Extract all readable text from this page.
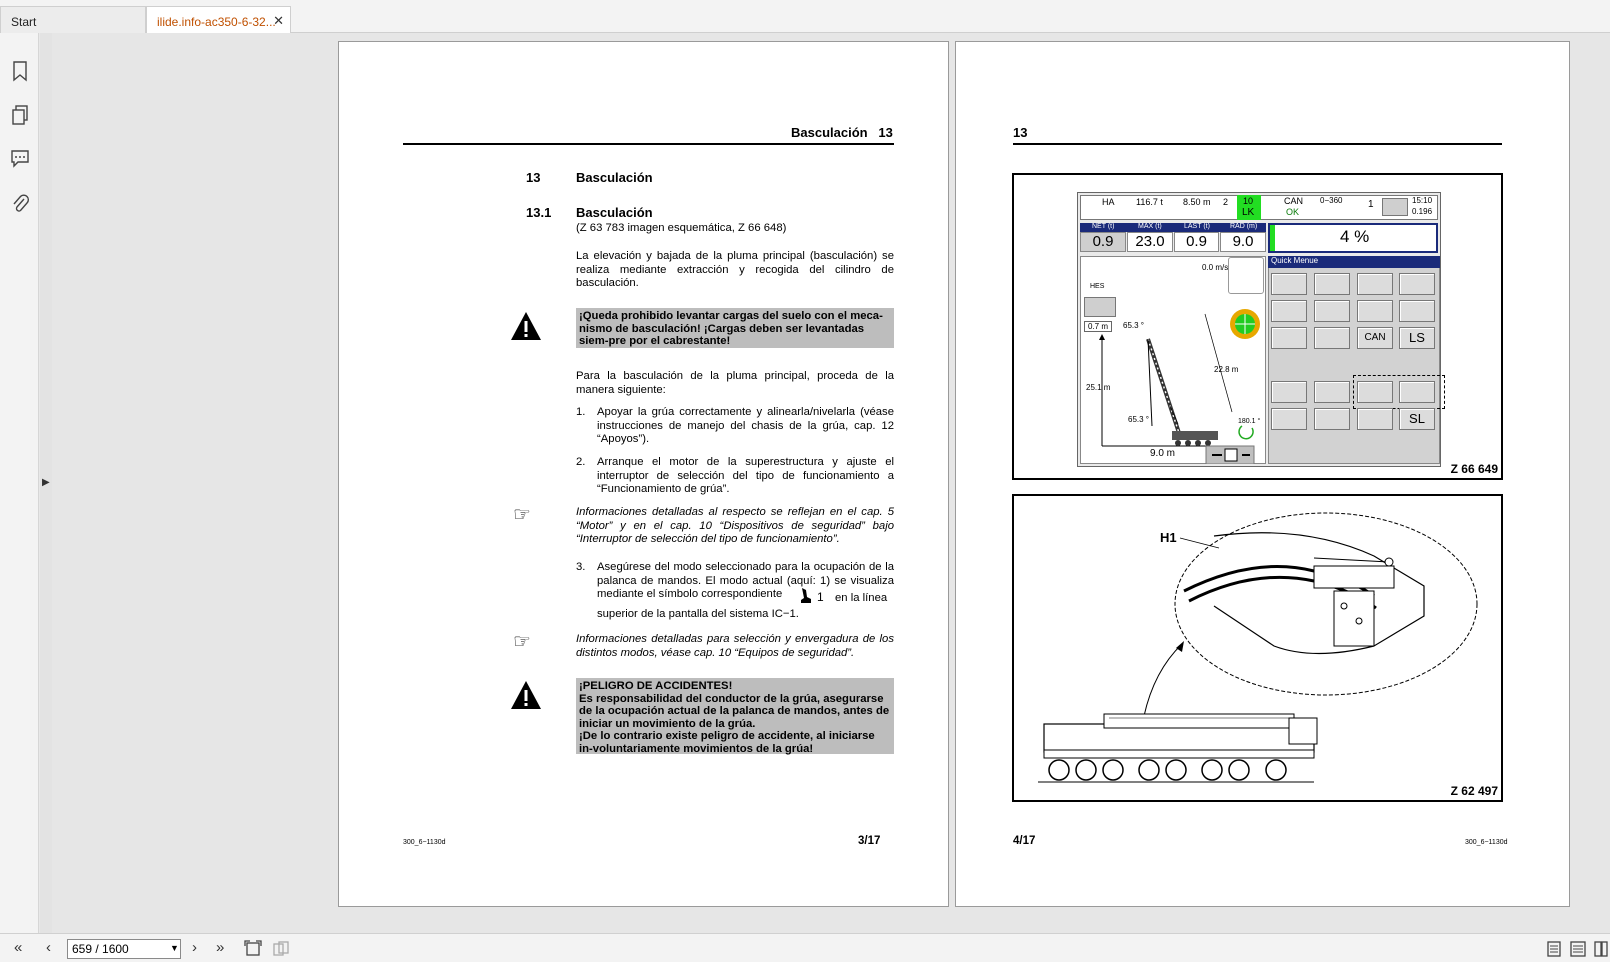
Start	ilide.info-ac350-6-32...
✕
▶
Basculación   13
13	Basculación
13.1 Basculación
(Z 63 783 imagen esquemática, Z 66 648)
La elevación y bajada de la pluma principal (basculación) se realiza mediante extracción y recogida del cilindro de basculación.
¡Queda prohibido levantar cargas del suelo con el meca-nismo de basculación! ¡Cargas deben ser levantadas siem-pre por el cabrestante!
Para la basculación de la pluma principal, proceda de la manera siguiente:
1. Apoyar la grúa correctamente y alinearla/nivelarla (véase instrucciones de manejo del chasis de la grúa, cap. 12 “Apoyos”).
2. Arranque el motor de la superestructura y ajuste el interruptor de selección del tipo de funcionamiento a “Funcionamiento de grúa”.
☞	Informaciones detalladas al respecto se reflejan en el cap. 5 “Motor” y en el cap. 10 “Dispositivos de seguridad” bajo “Interruptor de selección del tipo de funcionamiento”.
3. Asegúrese del modo seleccionado para la ocupación de la palanca de mandos. El modo actual (aquí: 1) se visualiza mediante el símbolo correspondiente	1 en la línea
superior de la pantalla del sistema IC−1.
☞	Informaciones detalladas para selección y envergadura de los distintos modos, véase cap. 10 “Equipos de seguridad”.
¡PELIGRO DE ACCIDENTES!
Es responsabilidad del conductor de la grúa, asegurarse de la ocupación actual de la palanca de mandos, antes de iniciar un movimiento de la grúa.
¡De lo contrario existe peligro de accidente, al iniciarse in-voluntariamente movimientos de la grúa!
300_6−1130d	3/17
13
HA 116.7 t 8.50 m 2 10
LK
CAN
OK
0−360	1	15:10
0.196
NET (t)	MAX (t)	LAST (t)	RAD (m)
0.9	23.0	0.9	9.0	4 %
0.0 m/s
HES
0.7 m	65.3 °
22.8 m
25.1 m
65.3 °	180.1 °
9.0 m
Quick Menue
CAN	LS
SL
Z 66 649
H1
Z 62 497
4/17	300_6−1130d
« ‹
659 / 1600	▼ › »
